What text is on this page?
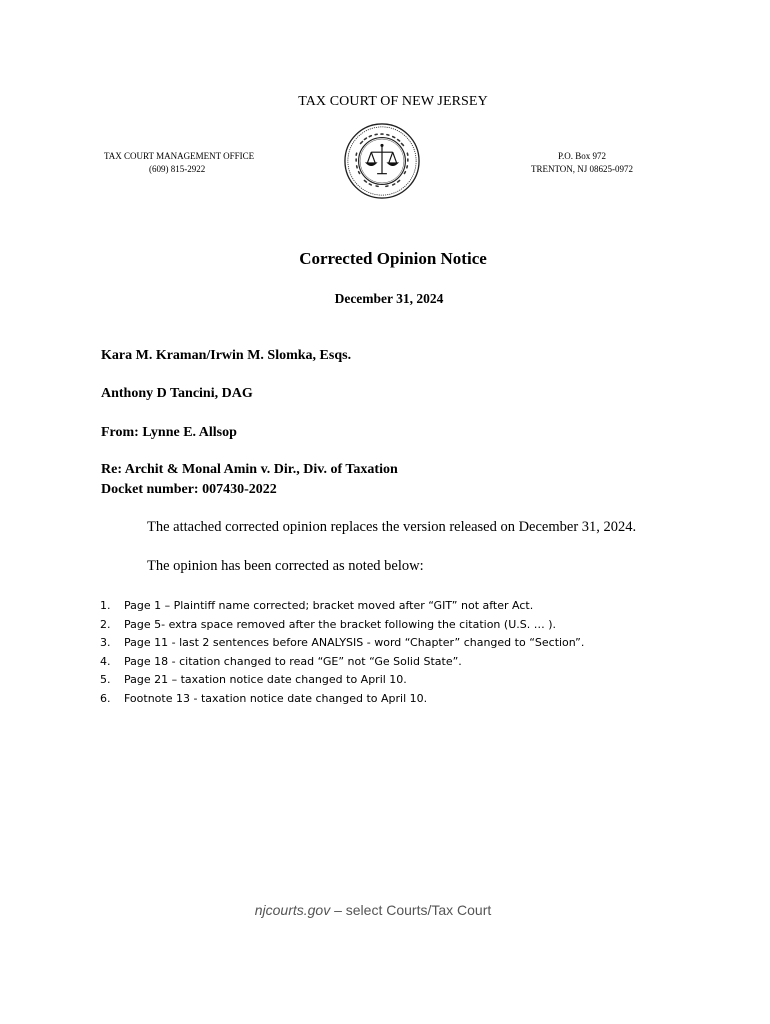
TAX COURT OF NEW JERSEY
TAX COURT MANAGEMENT OFFICE
(609) 815-2922
P.O. Box 972
TRENTON, NJ 08625-0972
Corrected Opinion Notice
December 31, 2024
Kara M. Kraman/Irwin M. Slomka, Esqs.
Anthony D Tancini, DAG
From: Lynne E. Allsop
Re: Archit & Monal Amin v. Dir., Div. of Taxation
Docket number: 007430-2022
The attached corrected opinion replaces the version released on December 31, 2024.
The opinion has been corrected as noted below:
1. Page 1 – Plaintiff name corrected; bracket moved after “GIT” not after Act.
2. Page 5- extra space removed after the bracket following the citation (U.S. … ).
3. Page 11 - last 2 sentences before ANALYSIS - word “Chapter” changed to “Section”.
4. Page 18 - citation changed to read “GE” not “Ge Solid State”.
5. Page 21 – taxation notice date changed to April 10.
6. Footnote 13 - taxation notice date changed to April 10.
njcourts.gov – select Courts/Tax Court
